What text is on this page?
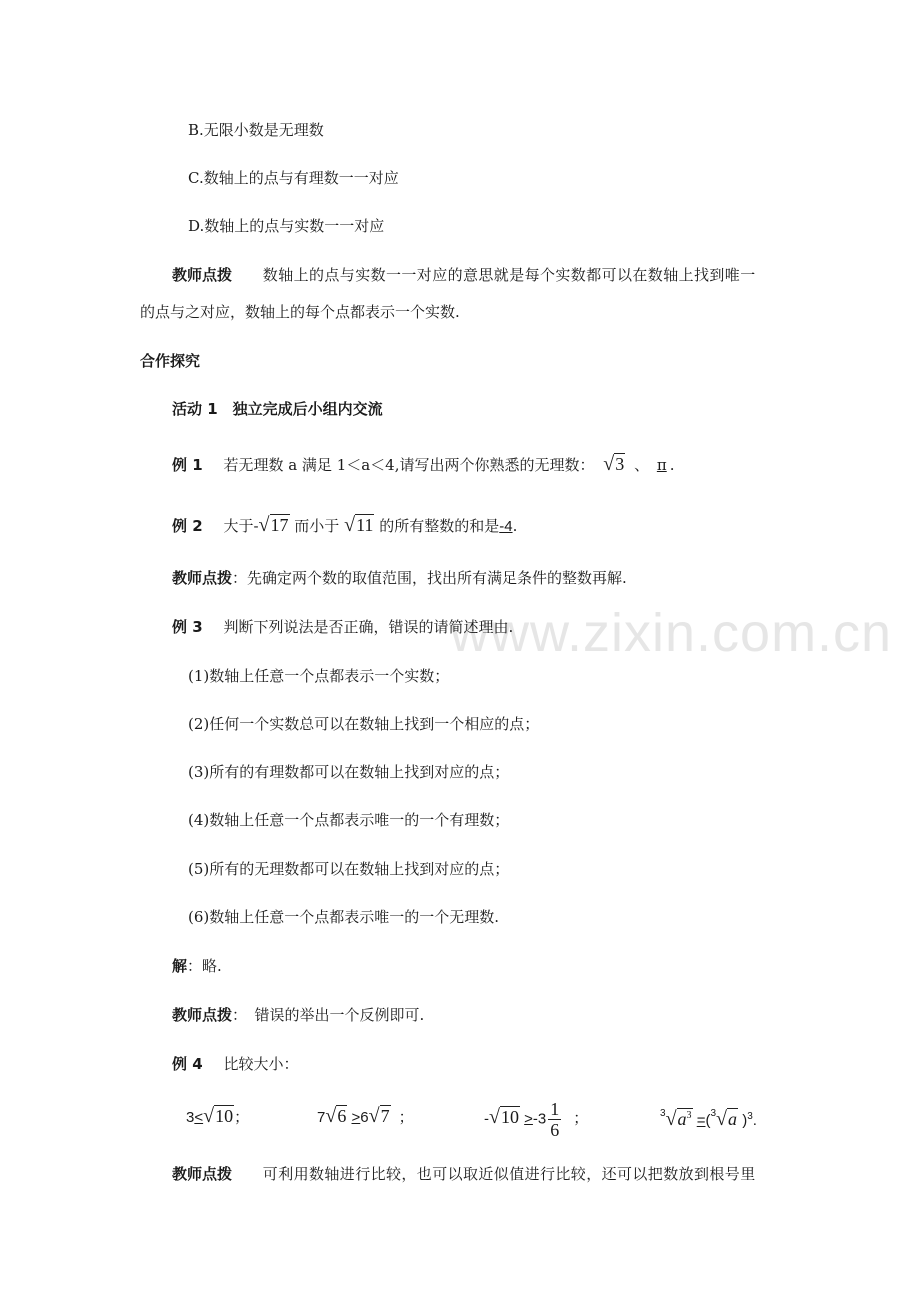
www.zixin.com.cn
B.无限小数是无理数
C.数轴上的点与有理数一一对应
D.数轴上的点与实数一一对应
教师点拨 数轴上的点与实数一一对应的意思就是每个实数都可以在数轴上找到唯一
的点与之对应，数轴上的每个点都表示一个实数.
合作探究
活动 1　独立完成后小组内交流
例 1 若无理数 a 满足 1＜a＜4,请写出两个你熟悉的无理数： √3 、 π .
例 2 大于-√17 而小于 √11 的所有整数的和是-4.
教师点拨：先确定两个数的取值范围，找出所有满足条件的整数再解.
例 3 判断下列说法是否正确，错误的请简述理由.
(1)数轴上任意一个点都表示一个实数；
(2)任何一个实数总可以在数轴上找到一个相应的点；
(3)所有的有理数都可以在数轴上找到对应的点；
(4)数轴上任意一个点都表示唯一的一个有理数；
(5)所有的无理数都可以在数轴上找到对应的点；
(6)数轴上任意一个点都表示唯一的一个无理数.
解：略.
教师点拨：　错误的举出一个反例即可.
例 4 比较大小：
3<√10；	7√6 >6√7 ；	$-√10 >-3 \frac{1}{6}$ ；	$^3√a^3 =(^3√a$ )$^3$.
教师点拨 可利用数轴进行比较，也可以取近似值进行比较，还可以把数放到根号里
